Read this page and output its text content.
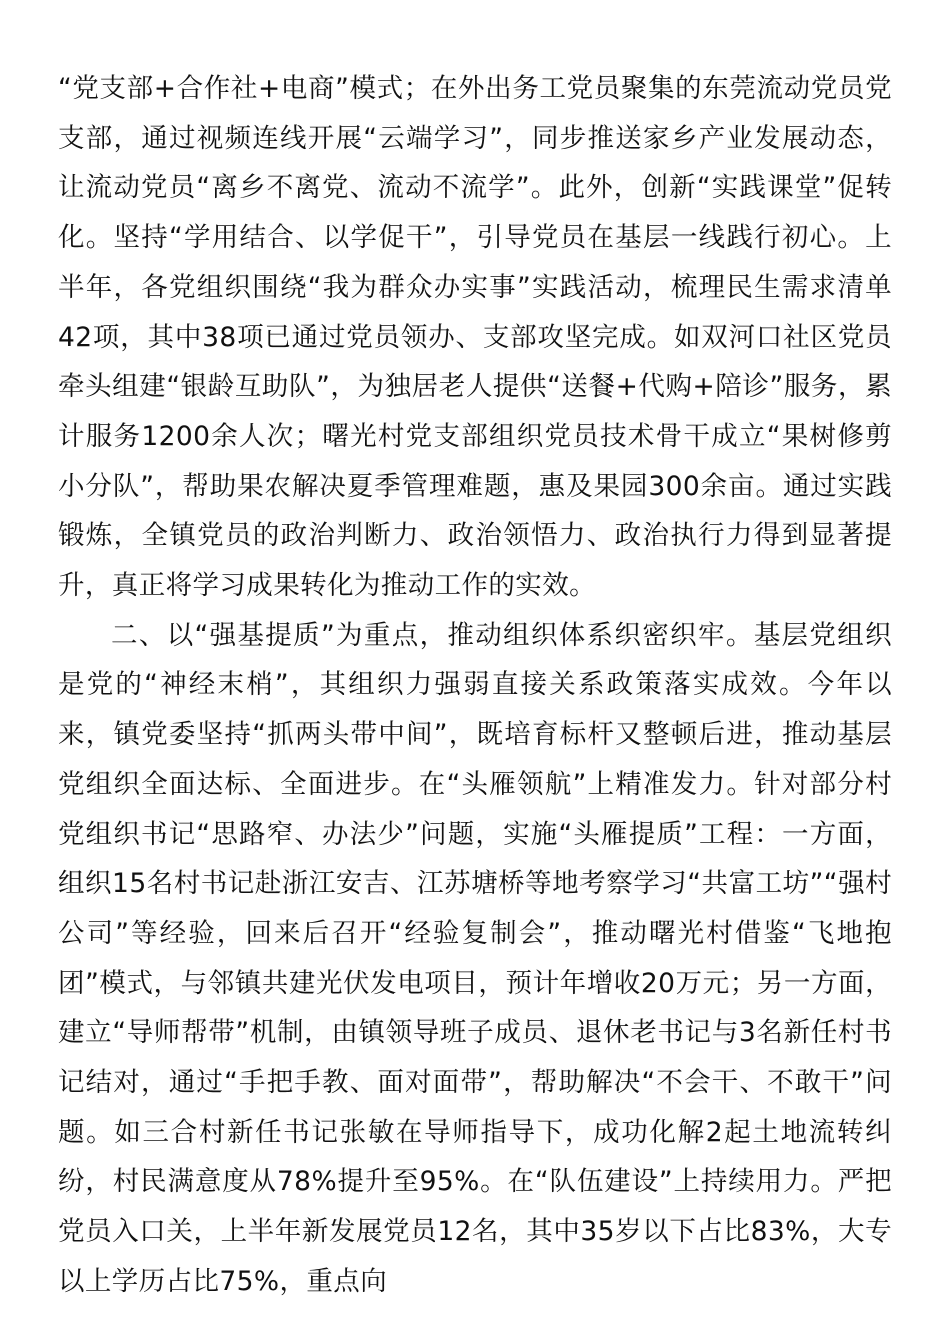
“党支部+合作社+电商”模式；在外出务工党员聚集的东莞流动党员党支部，通过视频连线开展“云端学习”，同步推送家乡产业发展动态，让流动党员“离乡不离党、流动不流学”。此外，创新“实践课堂”促转化。坚持“学用结合、以学促干”，引导党员在基层一线践行初心。上半年，各党组织围绕“我为群众办实事”实践活动，梳理民生需求清单42项，其中38项已通过党员领办、支部攻坚完成。如双河口社区党员牵头组建“银龄互助队”，为独居老人提供“送餐+代购+陪诊”服务，累计服务1200余人次；曙光村党支部组织党员技术骨干成立“果树修剪小分队”，帮助果农解决夏季管理难题，惠及果园300余亩。通过实践锻炼，全镇党员的政治判断力、政治领悟力、政治执行力得到显著提升，真正将学习成果转化为推动工作的实效。

二、以“强基提质”为重点，推动组织体系织密织牢。基层党组织是党的“神经末梢”，其组织力强弱直接关系政策落实成效。今年以来，镇党委坚持“抓两头带中间”，既培育标杆又整顿后进，推动基层党组织全面达标、全面进步。在“头雁领航”上精准发力。针对部分村党组织书记“思路窄、办法少”问题，实施“头雁提质”工程：一方面，组织15名村书记赴浙江安吉、江苏塘桥等地考察学习“共富工坊”“强村公司”等经验，回来后召开“经验复制会”，推动曙光村借鉴“飞地抱团”模式，与邻镇共建光伏发电项目，预计年增收20万元；另一方面，建立“导师帮带”机制，由镇领导班子成员、退休老书记与3名新任村书记结对，通过“手把手教、面对面带”，帮助解决“不会干、不敢干”问题。如三合村新任书记张敏在导师指导下，成功化解2起土地流转纠纷，村民满意度从78%提升至95%。在“队伍建设”上持续用力。严把党员入口关，上半年新发展党员12名，其中35岁以下占比83%，大专以上学历占比75%，重点向
